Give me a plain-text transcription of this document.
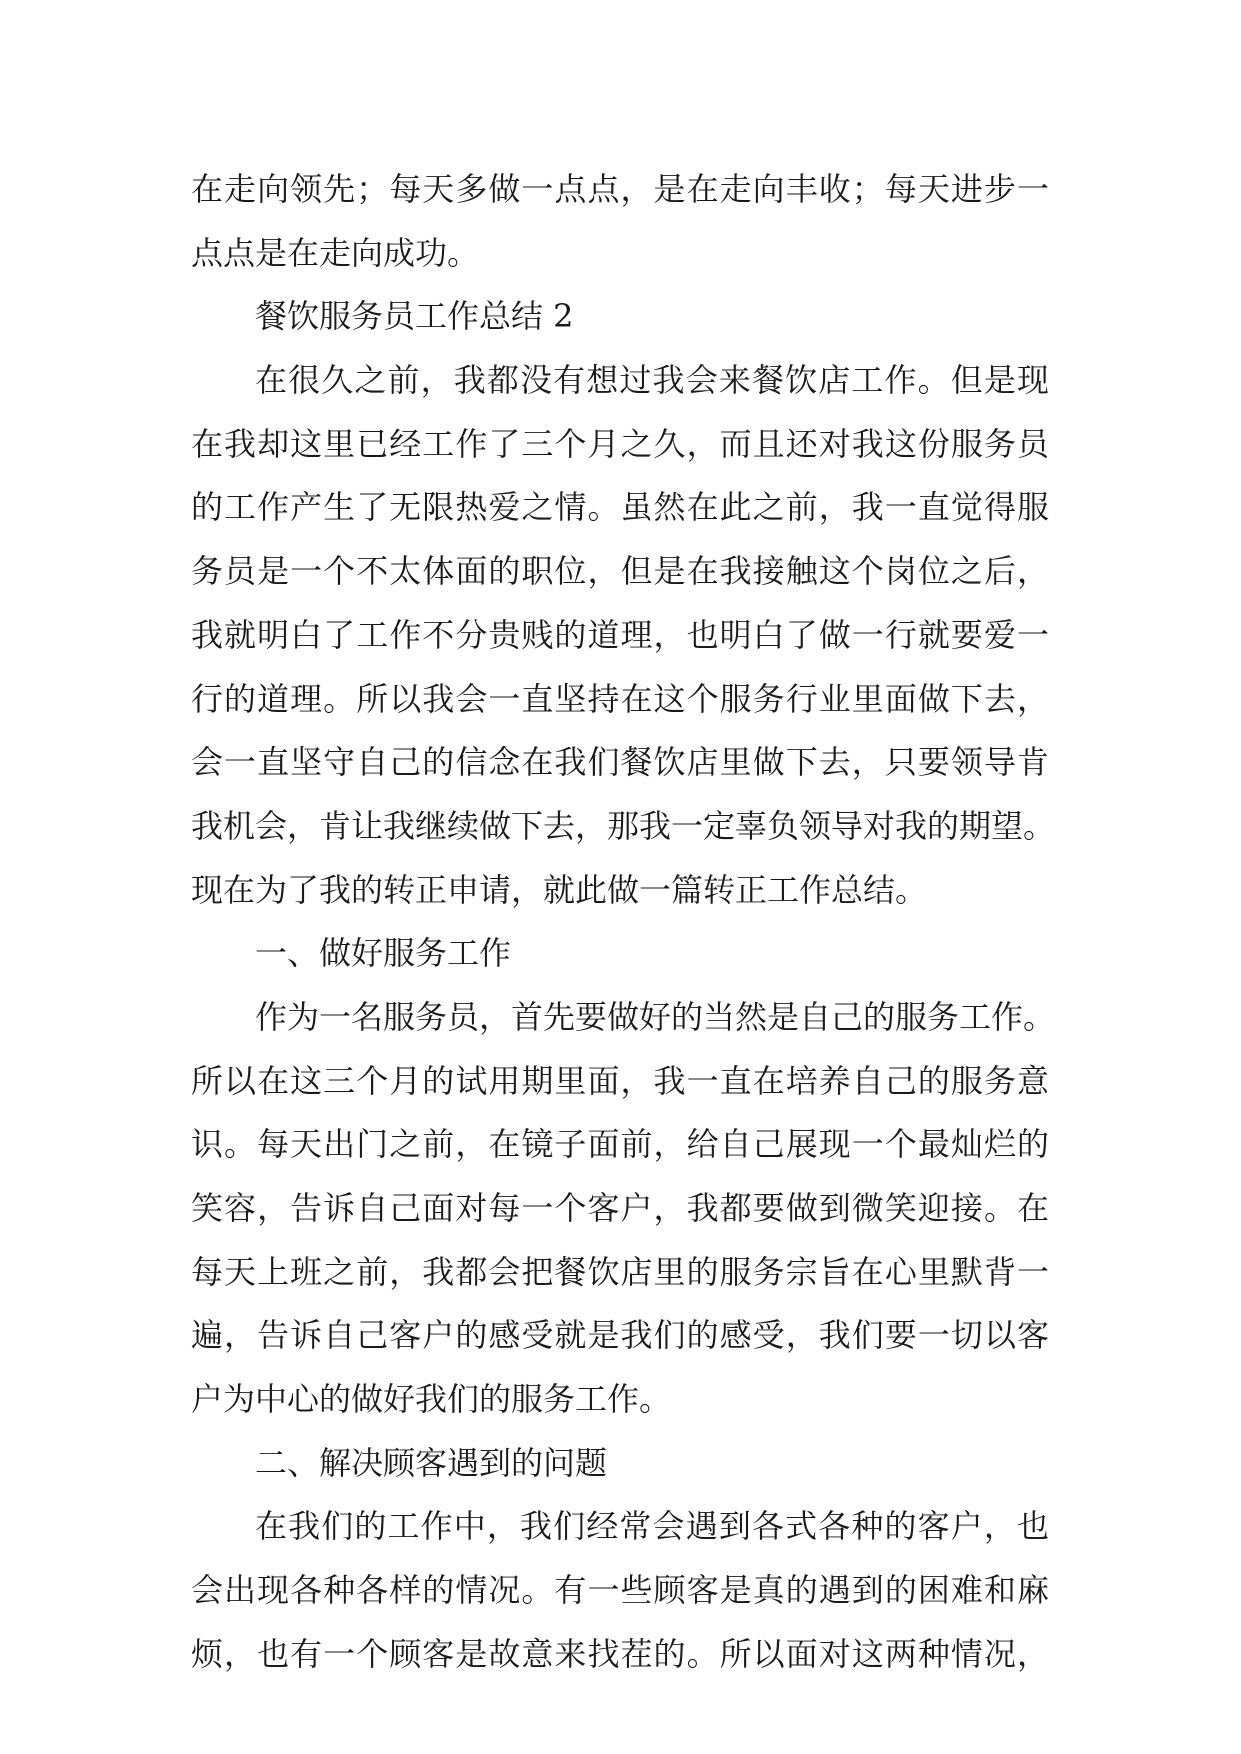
在走向领先；每天多做一点点，是在走向丰收；每天进步一
点点是在走向成功。
餐饮服务员工作总结 2
在很久之前，我都没有想过我会来餐饮店工作。但是现
在我却这里已经工作了三个月之久，而且还对我这份服务员
的工作产生了无限热爱之情。虽然在此之前，我一直觉得服
务员是一个不太体面的职位，但是在我接触这个岗位之后，
我就明白了工作不分贵贱的道理，也明白了做一行就要爱一
行的道理。所以我会一直坚持在这个服务行业里面做下去，
会一直坚守自己的信念在我们餐饮店里做下去，只要领导肯
我机会，肯让我继续做下去，那我一定辜负领导对我的期望。
现在为了我的转正申请，就此做一篇转正工作总结。
一、做好服务工作
作为一名服务员，首先要做好的当然是自己的服务工作。
所以在这三个月的试用期里面，我一直在培养自己的服务意
识。每天出门之前，在镜子面前，给自己展现一个最灿烂的
笑容，告诉自己面对每一个客户，我都要做到微笑迎接。在
每天上班之前，我都会把餐饮店里的服务宗旨在心里默背一
遍，告诉自己客户的感受就是我们的感受，我们要一切以客
户为中心的做好我们的服务工作。
二、解决顾客遇到的问题
在我们的工作中，我们经常会遇到各式各种的客户，也
会出现各种各样的情况。有一些顾客是真的遇到的困难和麻
烦，也有一个顾客是故意来找茬的。所以面对这两种情况，
